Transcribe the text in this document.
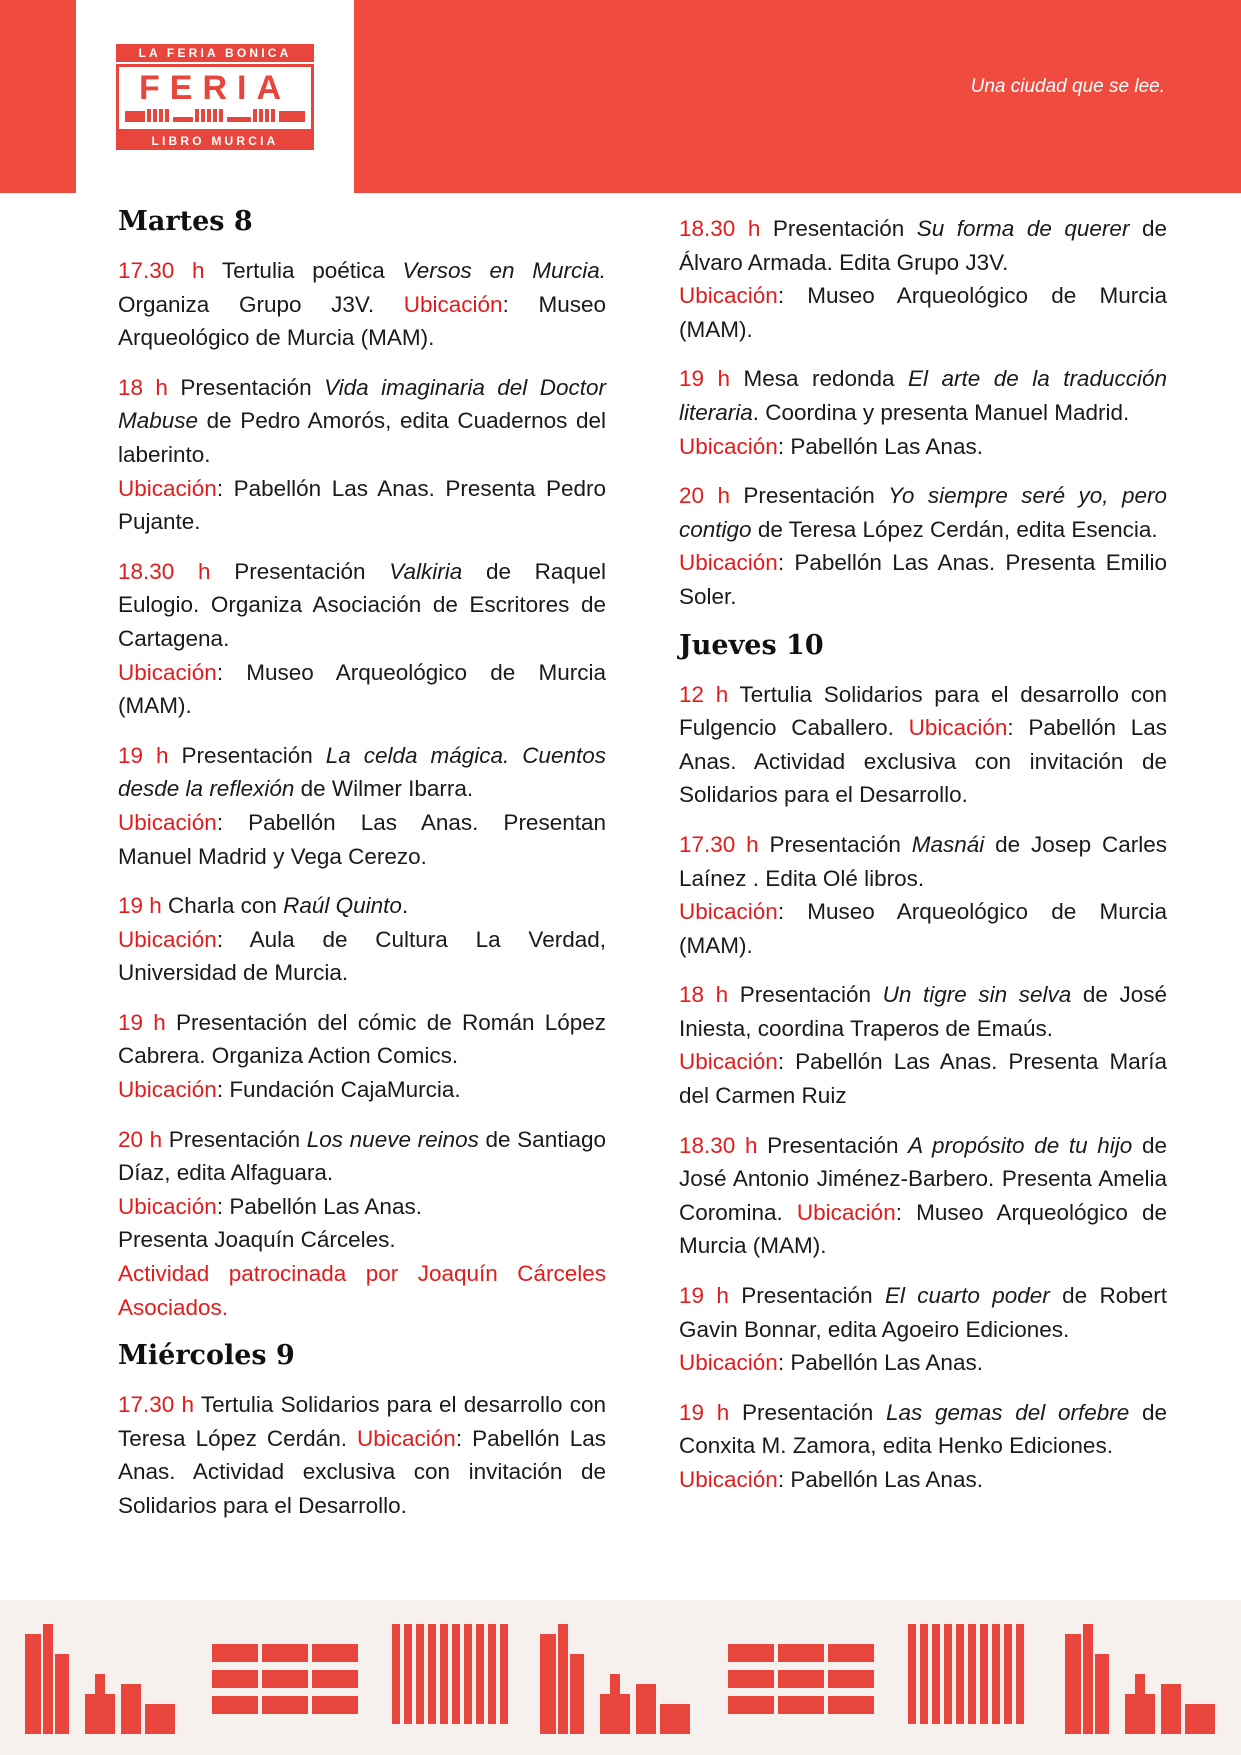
LA FERIA BONICA
FERIA
LIBRO MURCIA
Una ciudad que se lee.
Martes 8
17.30 h Tertulia poética Versos en Murcia. Organiza Grupo J3V. Ubicación: Museo Arqueológico de Murcia (MAM).
18 h Presentación Vida imaginaria del Doctor Mabuse de Pedro Amorós, edita Cuadernos del laberinto.
Ubicación: Pabellón Las Anas. Presenta Pedro Pujante.
18.30 h Presentación Valkiria de Raquel Eulogio. Organiza Asociación de Escritores de Cartagena.
Ubicación: Museo Arqueológico de Murcia (MAM).
19 h Presentación La celda mágica. Cuentos desde la reflexión de Wilmer Ibarra.
Ubicación: Pabellón Las Anas. Presentan Manuel Madrid y Vega Cerezo.
19 h Charla con Raúl Quinto.
Ubicación: Aula de Cultura La Verdad, Universidad de Murcia.
19 h Presentación del cómic de Román López Cabrera. Organiza Action Comics.
Ubicación: Fundación CajaMurcia.
20 h Presentación Los nueve reinos de Santiago Díaz, edita Alfaguara.
Ubicación: Pabellón Las Anas.
Presenta Joaquín Cárceles.
Actividad patrocinada por Joaquín Cárceles Asociados.
Miércoles 9
17.30 h Tertulia Solidarios para el desarrollo con Teresa López Cerdán. Ubicación: Pabellón Las Anas. Actividad exclusiva con invitación de Solidarios para el Desarrollo.
18.30 h Presentación Su forma de querer de Álvaro Armada. Edita Grupo J3V.
Ubicación: Museo Arqueológico de Murcia (MAM).
19 h Mesa redonda El arte de la traducción literaria. Coordina y presenta Manuel Madrid.
Ubicación: Pabellón Las Anas.
20 h Presentación Yo siempre seré yo, pero contigo de Teresa López Cerdán, edita Esencia.
Ubicación: Pabellón Las Anas. Presenta Emilio Soler.
Jueves 10
12 h Tertulia Solidarios para el desarrollo con Fulgencio Caballero. Ubicación: Pabellón Las Anas. Actividad exclusiva con invitación de Solidarios para el Desarrollo.
17.30 h Presentación Masnái de Josep Carles Laínez . Edita Olé libros.
Ubicación: Museo Arqueológico de Murcia (MAM).
18 h Presentación Un tigre sin selva de José Iniesta, coordina Traperos de Emaús.
Ubicación: Pabellón Las Anas. Presenta María del Carmen Ruiz
18.30 h Presentación A propósito de tu hijo de José Antonio Jiménez-Barbero. Presenta Amelia Coromina. Ubicación: Museo Arqueológico de Murcia (MAM).
19 h Presentación El cuarto poder de Robert Gavin Bonnar, edita Agoeiro Ediciones.
Ubicación: Pabellón Las Anas.
19 h Presentación Las gemas del orfebre de Conxita M. Zamora, edita Henko Ediciones.
Ubicación: Pabellón Las Anas.
